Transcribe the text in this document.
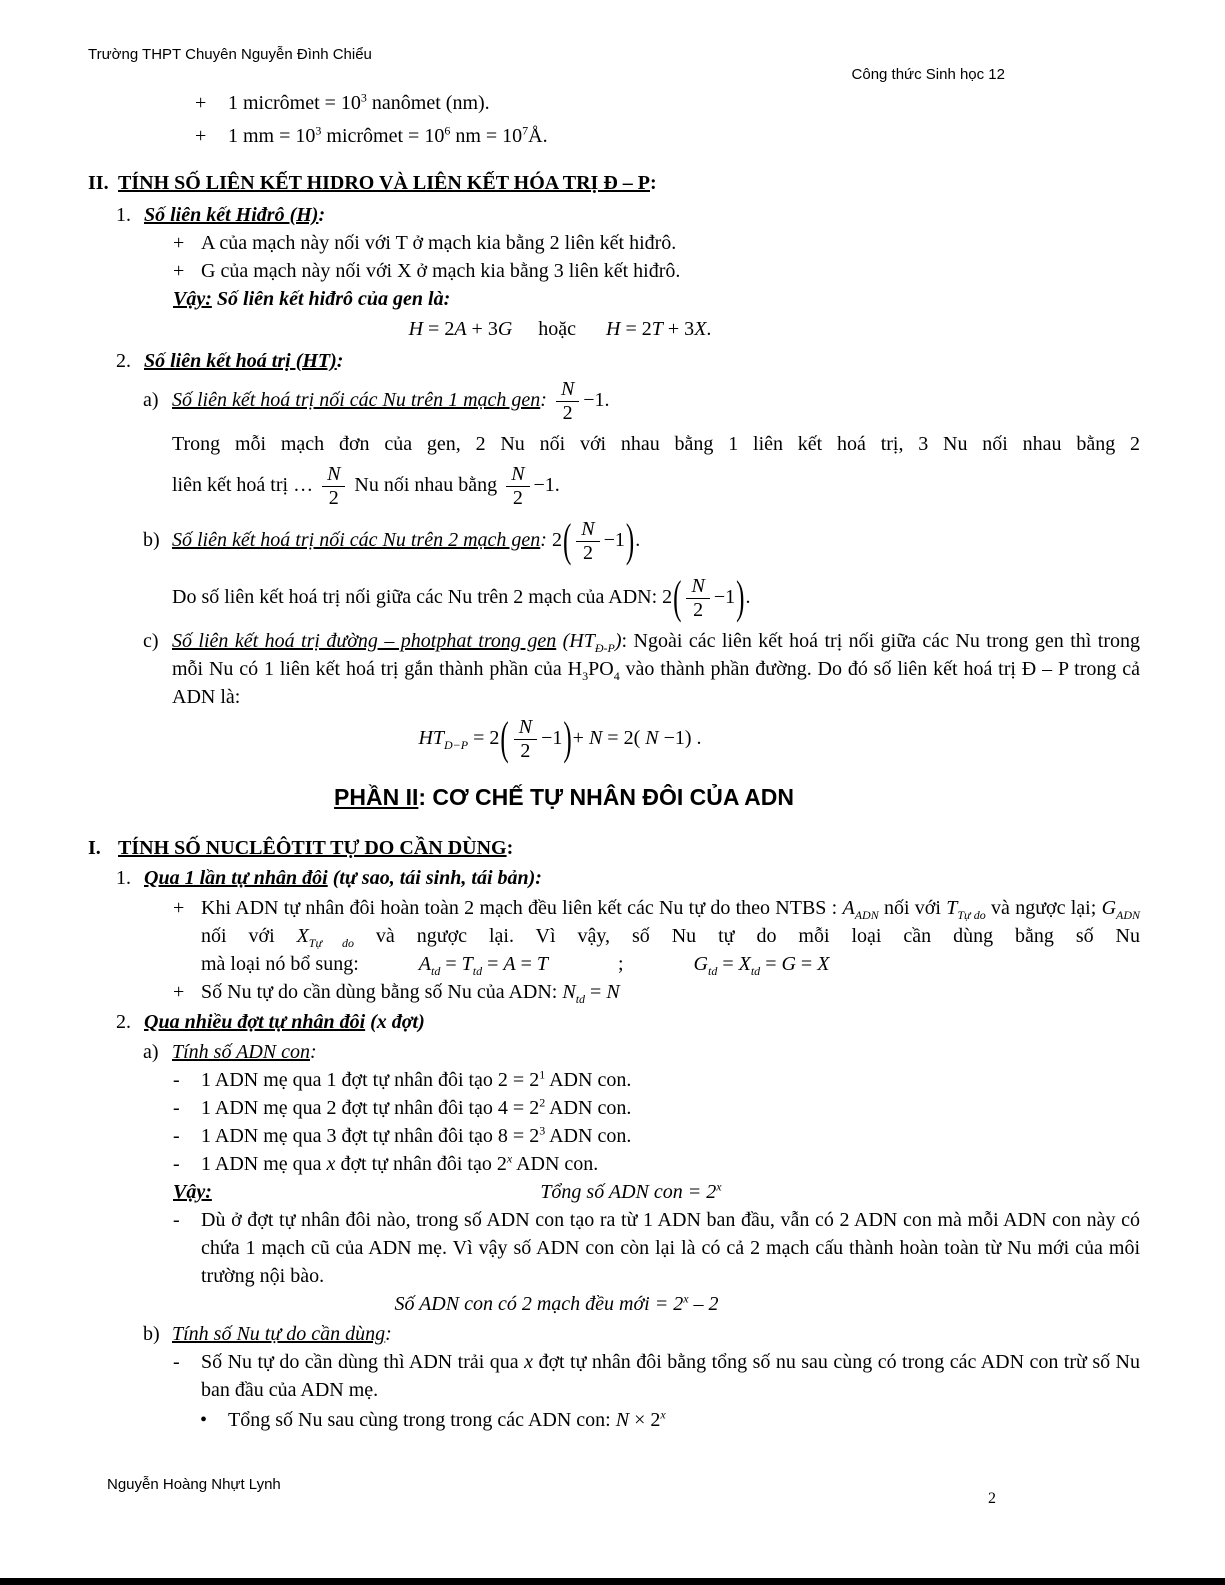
Trường THPT Chuyên Nguyễn Đình Chiểu
Công thức Sinh học 12
+	1 micrômet = $10^3$ nanômet (nm).
+	1 mm = $10^3$ micrômet = $10^6$ nm = $10^7Å$.
II. TÍNH SỐ LIÊN KẾT HIDRO VÀ LIÊN KẾT HÓA TRỊ Đ – P:
1. Số liên kết Hiđrô (H):
+ A của mạch này nối với T ở mạch kia bằng 2 liên kết hiđrô.
+ G của mạch này nối với X ở mạch kia bằng 3 liên kết hiđrô.
Vậy: Số liên kết hiđrô của gen là:
H = 2A + 3G hoặc H = 2T + 3X.
2. Số liên kết hoá trị (HT):
a) Số liên kết hoá trị nối các Nu trên 1 mạch gen: $\frac{N}{2} -1$.
Trong mỗi mạch đơn của gen, 2 Nu nối với nhau bằng 1 liên kết hoá trị, 3 Nu nối nhau bằng 2
liên kết hoá trị … $\frac{N}{2}$ Nu nối nhau bằng $\frac{N}{2} -1$.
b) Số liên kết hoá trị nối các Nu trên 2 mạch gen: $2( \frac{N}{2} -1)$.
Do số liên kết hoá trị nối giữa các Nu trên 2 mạch của ADN: $2( \frac{N}{2} -1)$.
c) Số liên kết hoá trị đường – photphat trong gen $(HT_{Đ-P})$: Ngoài các liên kết hoá trị nối giữa các Nu trong gen thì trong mỗi Nu có 1 liên kết hoá trị gắn thành phần của $H_3PO_4$ vào thành phần đường. Do đó số liên kết hoá trị Đ – P trong cả ADN là:
$HT_{D-P} = 2( \frac{N}{2} -1)+ N = 2$( N −1) .
PHẦN II: CƠ CHẾ TỰ NHÂN ĐÔI CỦA ADN
I. TÍNH SỐ NUCLÊÔTIT TỰ DO CẦN DÙNG:
1. Qua 1 lần tự nhân đôi (tự sao, tái sinh, tái bản):
+ Khi ADN tự nhân đôi hoàn toàn 2 mạch đều liên kết các Nu tự do theo NTBS : $A_{ADN}$ nối với $T_{Tự do}$ và ngược lại; $G_{ADN}$ nối với $X_{Tự do}$ và ngược lại. Vì vậy, số Nu tự do mỗi loại cần dùng bằng số Nu
mà loại nó bổ sung:	$A_{td} = T_{td} = A = T$	;	$G_{td} = X_{td} = G = X$
+ Số Nu tự do cần dùng bằng số Nu của ADN: $N_{td} = N$
2. Qua nhiều đợt tự nhân đôi (x đợt)
a) Tính số ADN con:
-	1 ADN mẹ qua 1 đợt tự nhân đôi tạo $2 = 2^1$ ADN con.
-	1 ADN mẹ qua 2 đợt tự nhân đôi tạo $4 = 2^2$ ADN con.
-	1 ADN mẹ qua 3 đợt tự nhân đôi tạo $8 = 2^3$ ADN con.
-	1 ADN mẹ qua x đợt tự nhân đôi tạo 2$^x$ ADN con.
Vậy:	Tổng số ADN con = $2^x$
-	Dù ở đợt tự nhân đôi nào, trong số ADN con tạo ra từ 1 ADN ban đầu, vẫn có 2 ADN con mà mỗi ADN con này có chứa 1 mạch cũ của ADN mẹ. Vì vậy số ADN con còn lại là có cả 2 mạch cấu thành hoàn toàn từ Nu mới của môi trường nội bào.
Số ADN con có 2 mạch đều mới = $2^x - 2$
b) Tính số Nu tự do cần dùng:
-	Số Nu tự do cần dùng thì ADN trải qua x đợt tự nhân đôi bằng tổng số nu sau cùng có trong các ADN con trừ số Nu ban đầu của ADN mẹ.
•	Tổng số Nu sau cùng trong trong các ADN con: $N \times 2^x$
Nguyễn Hoàng Nhựt Lynh
2
